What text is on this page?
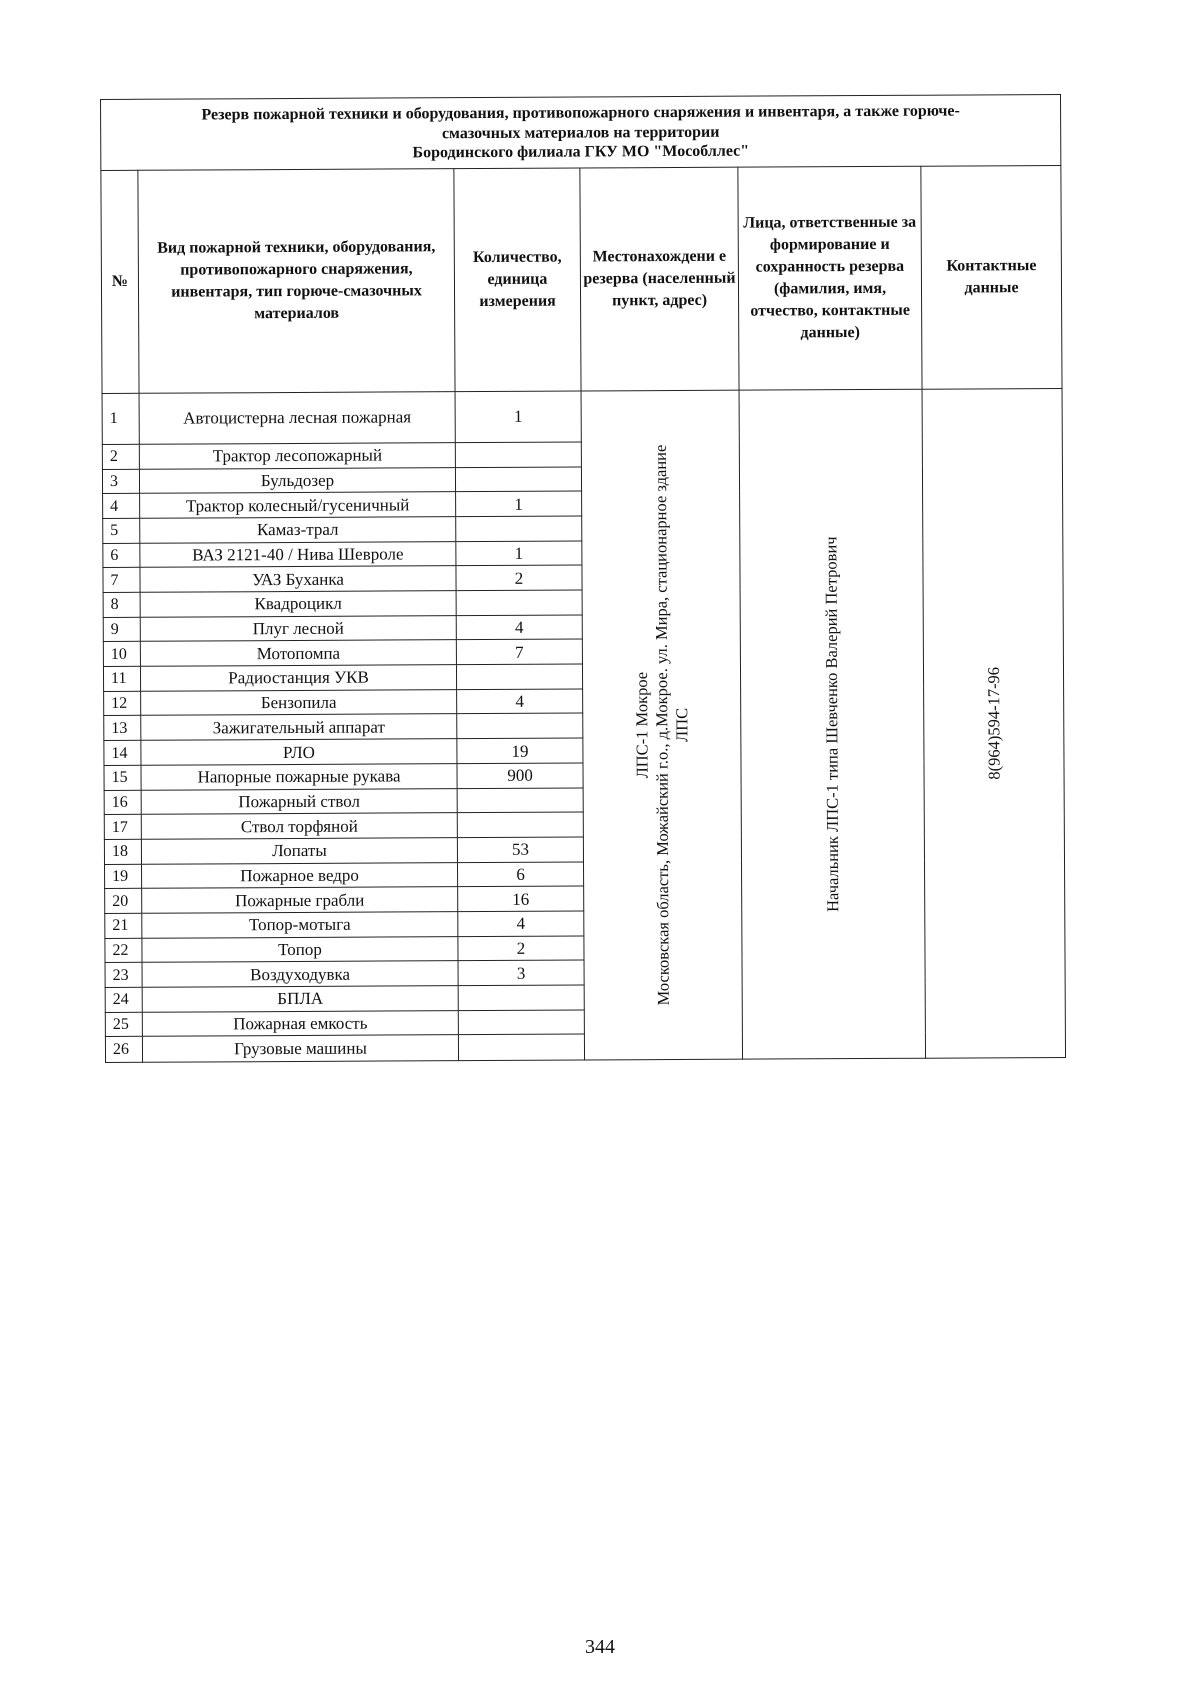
Резерв пожарной техники и оборудования, противопожарного снаряжения и инвентаря, а также горюче-
смазочных материалов на территории
Бородинского филиала ГКУ МО "Мособллес"					

№	Вид пожарной техники, оборудования, противопожарного снаряжения, инвентаря, тип горюче-смазочных материалов	Количество, единица измерения	Местонахождени е резерва (населенный пункт, адрес)	Лица, ответственные за формирование и сохранность резерва (фамилия, имя, отчество, контактные данные)	Контактные данные
1	Автоцистерна лесная пожарная	1	ЛПС-1 Мокрое Московская область, Можайский г.о., д.Мокрое. ул. Мира, стационарное здание ЛПС	Начальник ЛПС-1 типа Шевченко Валерий Петрович	8(964)594-17-96

2	Трактор лесопожарный				
3	Бульдозер				
4	Трактор колесный/гусеничный	1			
5	Камаз-трал				
6	ВАЗ 2121-40 / Нива Шевроле	1			
7	УАЗ Буханка	2			
8	Квадроцикл				
9	Плуг лесной	4			
10	Мотопомпа	7			
11	Радиостанция УКВ				
12	Бензопила	4			
13	Зажигательный аппарат				
14	РЛО	19			
15	Напорные пожарные рукава	900			
16	Пожарный ствол				
17	Ствол торфяной				
18	Лопаты	53			
19	Пожарное ведро	6			
20	Пожарные грабли	16			
21	Топор-мотыга	4			
22	Топор	2			
23	Воздуходувка	3			
24	БПЛА				
25	Пожарная емкость				
26	Грузовые машины				
344
